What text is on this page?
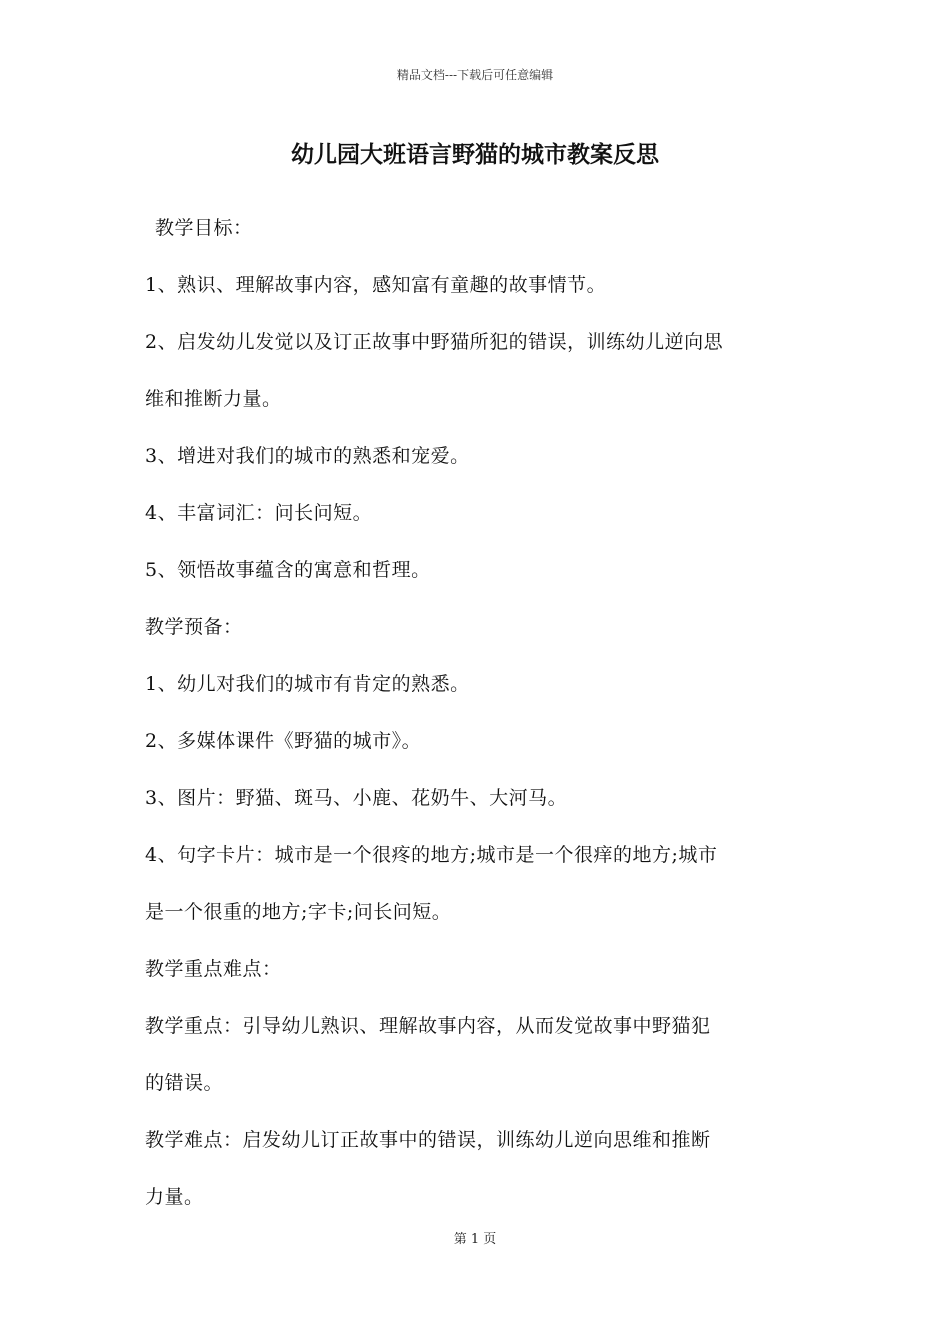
精品文档---下载后可任意编辑
幼儿园大班语言野猫的城市教案反思
教学目标：
1、熟识、理解故事内容，感知富有童趣的故事情节。
2、启发幼儿发觉以及订正故事中野猫所犯的错误，训练幼儿逆向思
维和推断力量。
3、增进对我们的城市的熟悉和宠爱。
4、丰富词汇：问长问短。
5、领悟故事蕴含的寓意和哲理。
教学预备：
1、幼儿对我们的城市有肯定的熟悉。
2、多媒体课件《野猫的城市》。
3、图片：野猫、斑马、小鹿、花奶牛、大河马。
4、句字卡片：城市是一个很疼的地方;城市是一个很痒的地方;城市
是一个很重的地方;字卡;问长问短。
教学重点难点：
教学重点：引导幼儿熟识、理解故事内容，从而发觉故事中野猫犯
的错误。
教学难点：启发幼儿订正故事中的错误，训练幼儿逆向思维和推断
力量。
第 1 页
